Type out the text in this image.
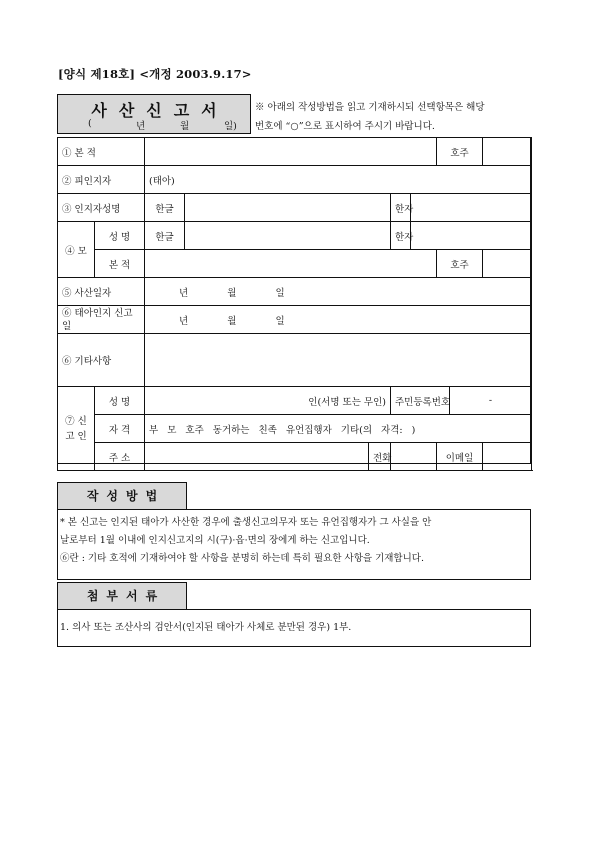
[양식 제18호] <개정 2003.9.17>
사산신고서
(	년	월	일)
※ 아래의 작성방법을 읽고 기재하시되 선택항목은 해당
번호에 “○”으로 표시하여 주시기 바랍니다.
① 본 적							호주		
② 피인지자		(태아)							
③ 인지자성명		한글			한자				
④ 모	성 명	한글			한자				
	본 적						호주		
⑤ 사산일자		년 월 일							
⑥ 태아인지 신고일		년 월 일							
⑥ 기타사항									
⑦ 신 고 인	성 명	인(서명 또는 무인)			주민등록번호			-	
	자 격	부 모 호주 동거하는 친족 유언집행자 기타(의 자격: )							
	주 소			전화			이메일		
작성방법
* 본 신고는 인지된 태아가 사산한 경우에 출생신고의무자 또는 유언집행자가 그 사실을 안
날로부터 1월 이내에 인지신고지의 시(구)·읍·면의 장에게 하는 신고입니다.
⑥란 : 기타 호적에 기재하여야 할 사항을 분명히 하는데 특히 필요한 사항을 기재합니다.
첨부서류
1. 의사 또는 조산사의 검안서(인지된 태아가 사체로 분만된 경우) 1부.
